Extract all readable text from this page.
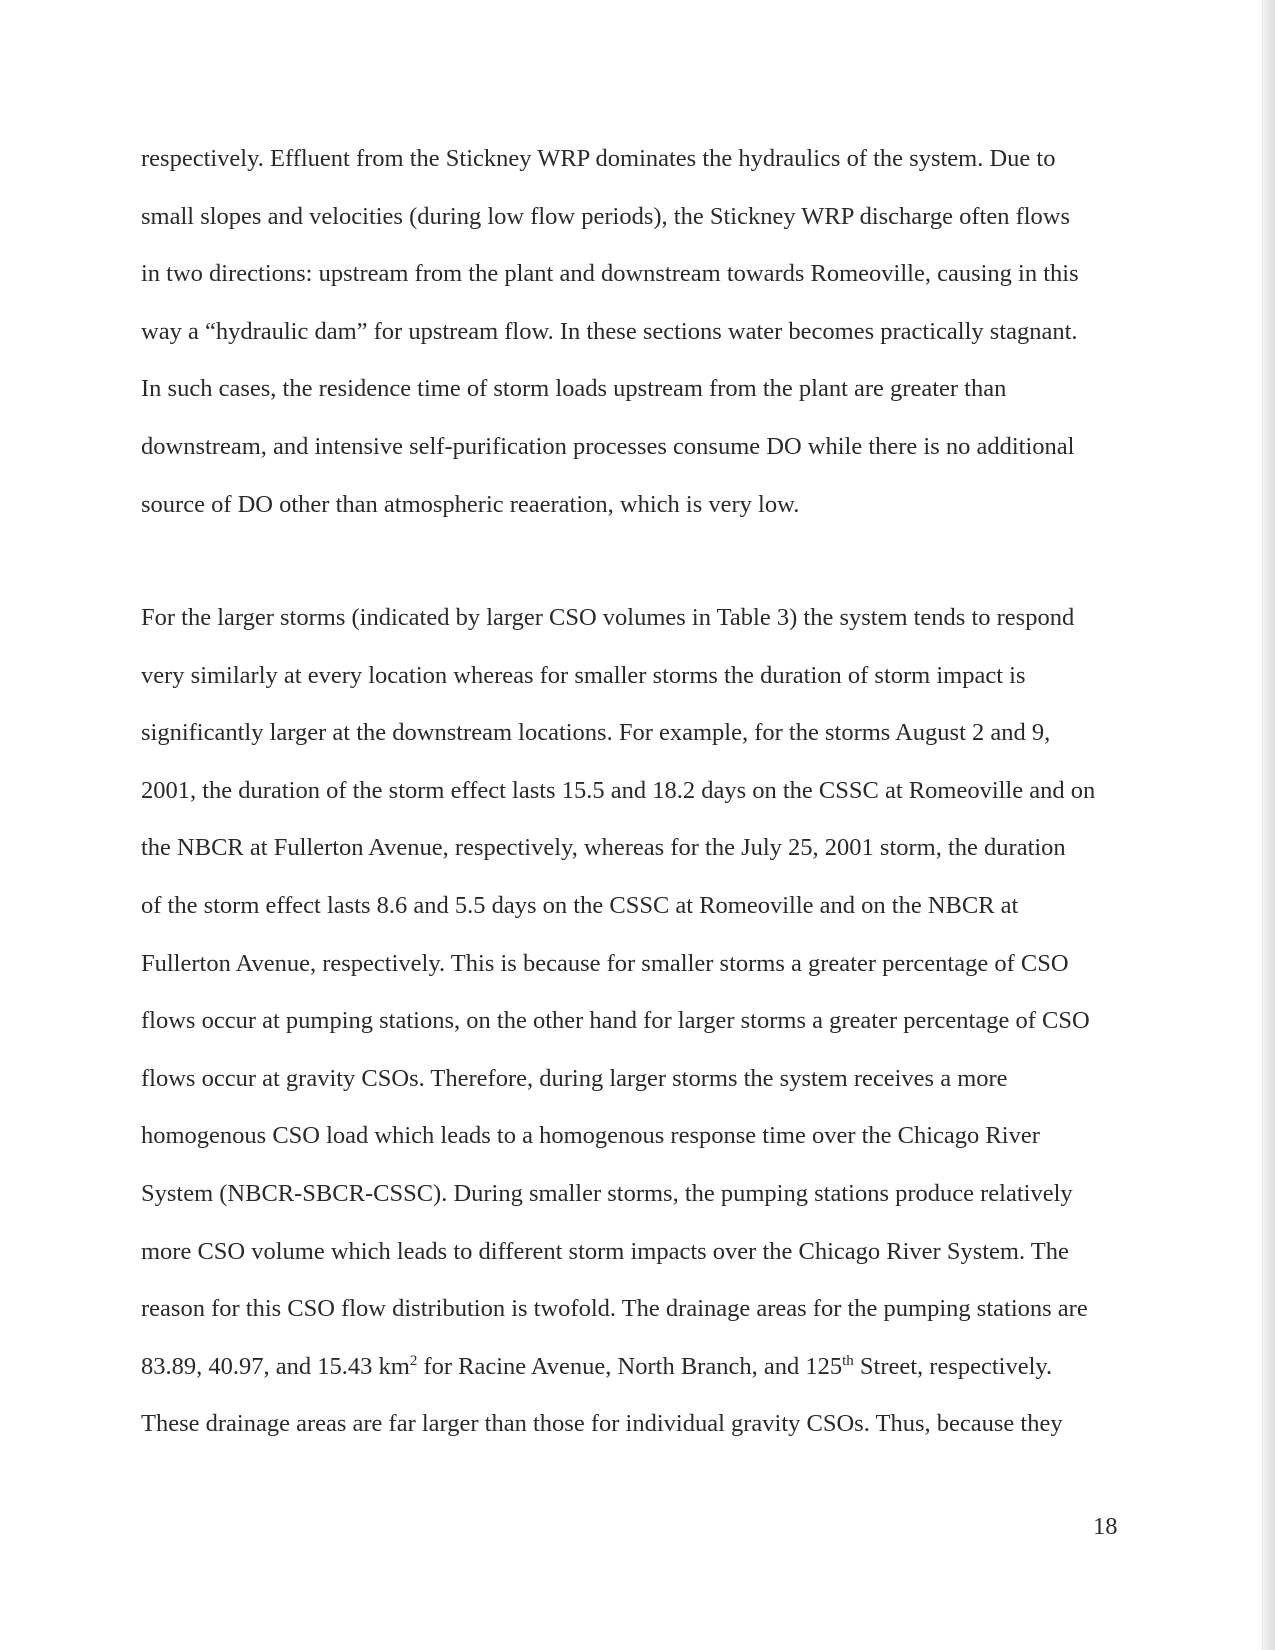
respectively. Effluent from the Stickney WRP dominates the hydraulics of the system. Due to
small slopes and velocities (during low flow periods), the Stickney WRP discharge often flows
in two directions: upstream from the plant and downstream towards Romeoville, causing in this
way a “hydraulic dam” for upstream flow. In these sections water becomes practically stagnant.
In such cases, the residence time of storm loads upstream from the plant are greater than
downstream, and intensive self-purification processes consume DO while there is no additional
source of DO other than atmospheric reaeration, which is very low.
For the larger storms (indicated by larger CSO volumes in Table 3) the system tends to respond
very similarly at every location whereas for smaller storms the duration of storm impact is
significantly larger at the downstream locations. For example, for the storms August 2 and 9,
2001, the duration of the storm effect lasts 15.5 and 18.2 days on the CSSC at Romeoville and on
the NBCR at Fullerton Avenue, respectively, whereas for the July 25, 2001 storm, the duration
of the storm effect lasts 8.6 and 5.5 days on the CSSC at Romeoville and on the NBCR at
Fullerton Avenue, respectively. This is because for smaller storms a greater percentage of CSO
flows occur at pumping stations, on the other hand for larger storms a greater percentage of CSO
flows occur at gravity CSOs. Therefore, during larger storms the system receives a more
homogenous CSO load which leads to a homogenous response time over the Chicago River
System (NBCR-SBCR-CSSC). During smaller storms, the pumping stations produce relatively
more CSO volume which leads to different storm impacts over the Chicago River System. The
reason for this CSO flow distribution is twofold. The drainage areas for the pumping stations are
83.89, 40.97, and 15.43 $km^2$ for Racine Avenue, North Branch, and 125th Street, respectively.
These drainage areas are far larger than those for individual gravity CSOs. Thus, because they
18
